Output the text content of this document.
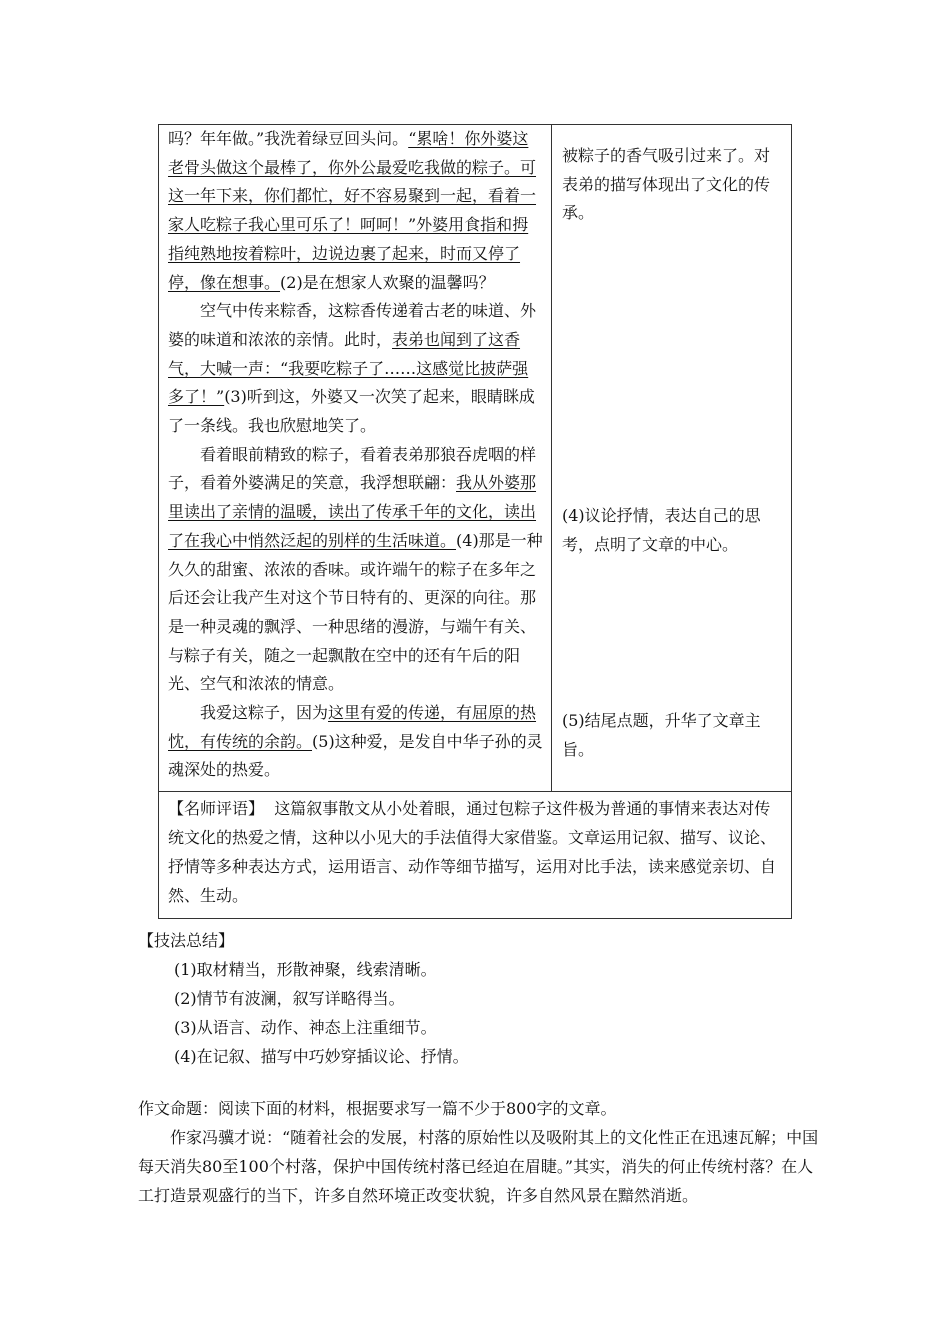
吗？年年做。”我洗着绿豆回头问。“累啥！你外婆这老骨头做这个最棒了，你外公最爱吃我做的粽子。可这一年下来，你们都忙，好不容易聚到一起，看着一家人吃粽子我心里可乐了！呵呵！”外婆用食指和拇指纯熟地按着粽叶，边说边裹了起来，时而又停了停，像在想事。(2)是在想家人欢聚的温馨吗？

空气中传来粽香，这粽香传递着古老的味道、外婆的味道和浓浓的亲情。此时，表弟也闻到了这香气，大喊一声：“我要吃粽子了……这感觉比披萨强多了！”(3)听到这，外婆又一次笑了起来，眼睛眯成了一条线。我也欣慰地笑了。

看着眼前精致的粽子，看着表弟那狼吞虎咽的样子，看着外婆满足的笑意，我浮想联翩：我从外婆那里读出了亲情的温暖，读出了传承千年的文化，读出了在我心中悄然泛起的别样的生活味道。(4)那是一种久久的甜蜜、浓浓的香味。或许端午的粽子在多年之后还会让我产生对这个节日特有的、更深的向往。那是一种灵魂的飘浮、一种思绪的漫游，与端午有关、与粽子有关，随之一起飘散在空中的还有午后的阳光、空气和浓浓的情意。

我爱这粽子，因为这里有爱的传递，有屈原的热忱，有传统的余韵。(5)这种爱，是发自中华子孙的灵魂深处的热爱。

被粽子的香气吸引过来了。对表弟的描写体现出了文化的传承。

(4)议论抒情，表达自己的思考，点明了文章的中心。

(5)结尾点题，升华了文章主旨。

【名师评语】 这篇叙事散文从小处着眼，通过包粽子这件极为普通的事情来表达对传统文化的热爱之情，这种以小见大的手法值得大家借鉴。文章运用记叙、描写、议论、抒情等多种表达方式，运用语言、动作等细节描写，运用对比手法，读来感觉亲切、自然、生动。

【技法总结】

(1)取材精当，形散神聚，线索清晰。

(2)情节有波澜，叙写详略得当。

(3)从语言、动作、神态上注重细节。

(4)在记叙、描写中巧妙穿插议论、抒情。

作文命题：阅读下面的材料，根据要求写一篇不少于800字的文章。

作家冯骥才说：“随着社会的发展，村落的原始性以及吸附其上的文化性正在迅速瓦解；中国每天消失80至100个村落，保护中国传统村落已经迫在眉睫。”其实，消失的何止传统村落？在人工打造景观盛行的当下，许多自然环境正改变状貌，许多自然风景在黯然消逝。
